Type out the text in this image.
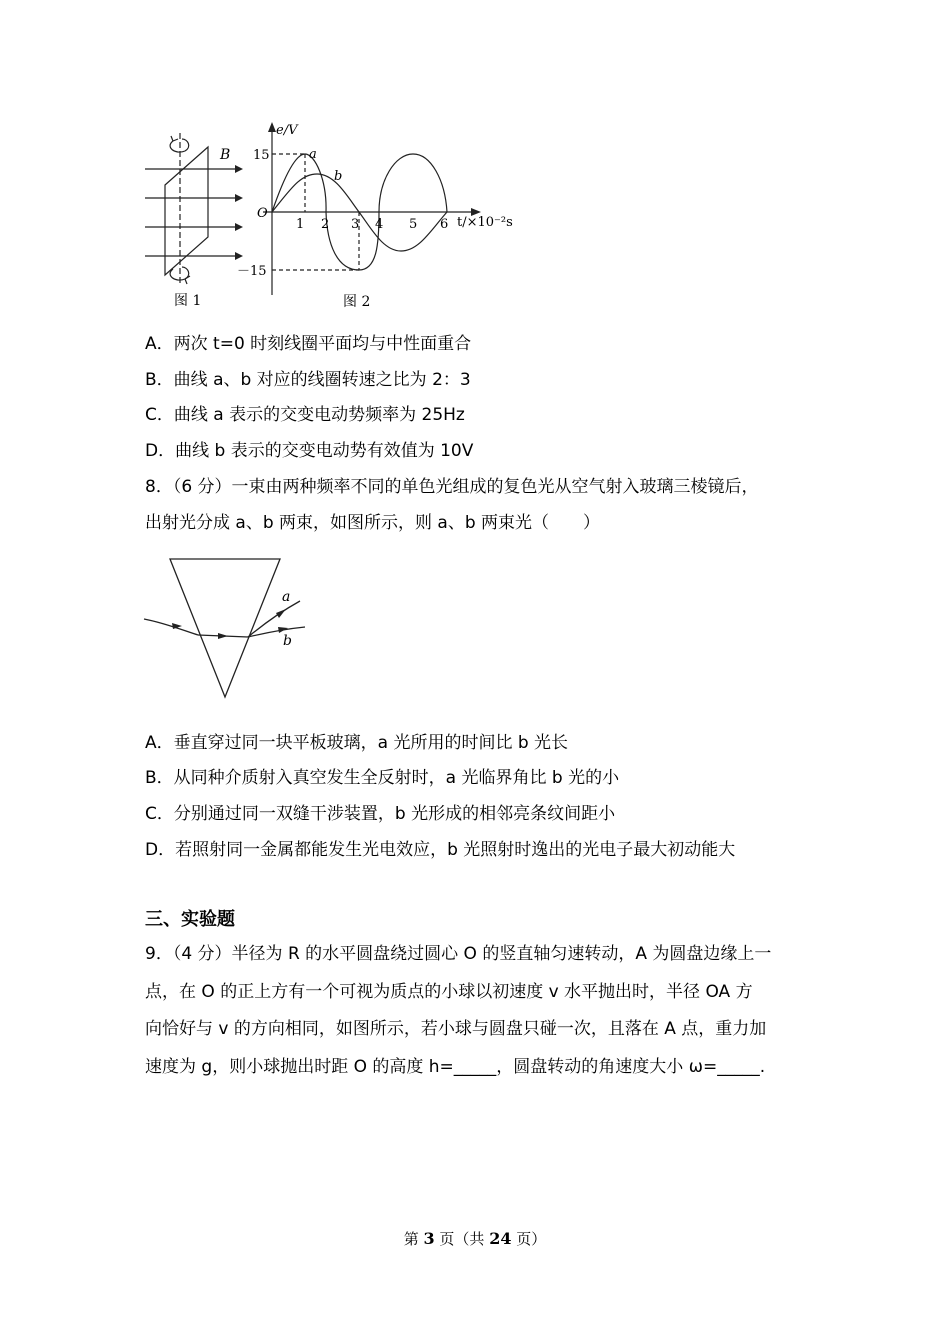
B
图 1
e/V
t/×10⁻²s
O
15
－15
1 2 3 4 5 6
a
b
图 2
A．两次 t=0 时刻线圈平面均与中性面重合
B．曲线 a、b 对应的线圈转速之比为 2：3
C．曲线 a 表示的交变电动势频率为 25Hz
D．曲线 b 表示的交变电动势有效值为 10V
8．（6 分）一束由两种频率不同的单色光组成的复色光从空气射入玻璃三棱镜后，
出射光分成 a、b 两束，如图所示，则 a、b 两束光（　　）
a
b
A．垂直穿过同一块平板玻璃，a 光所用的时间比 b 光长
B．从同种介质射入真空发生全反射时，a 光临界角比 b 光的小
C．分别通过同一双缝干涉装置，b 光形成的相邻亮条纹间距小
D．若照射同一金属都能发生光电效应，b 光照射时逸出的光电子最大初动能大
三、实验题
9．（4 分）半径为 R 的水平圆盘绕过圆心 O 的竖直轴匀速转动，A 为圆盘边缘上一
点，在 O 的正上方有一个可视为质点的小球以初速度 v 水平抛出时，半径 OA 方
向恰好与 v 的方向相同，如图所示，若小球与圆盘只碰一次，且落在 A 点，重力加
速度为 g，则小球抛出时距 O 的高度 h=_____，圆盘转动的角速度大小 ω=_____.
第 3 页（共 24 页）
